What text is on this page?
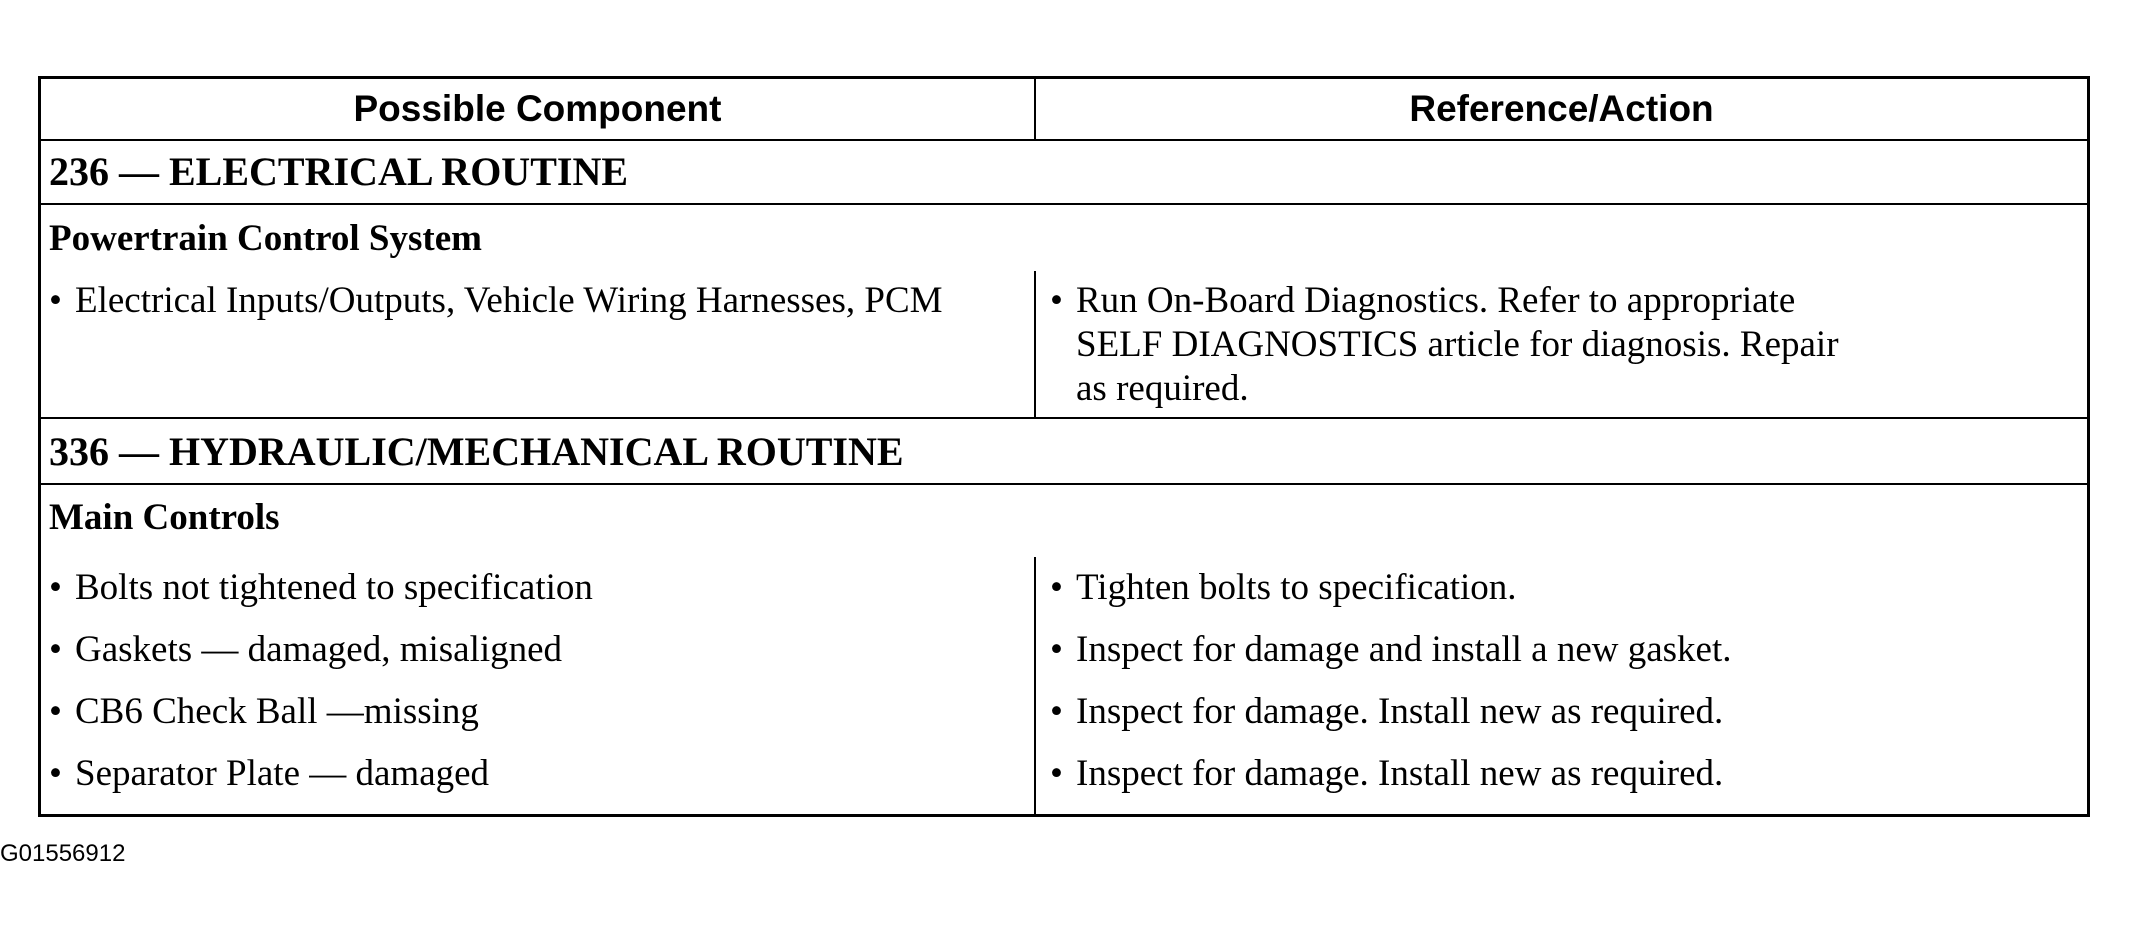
Possible Component	Reference/Action
236 — ELECTRICAL ROUTINE
Powertrain Control System
• Electrical Inputs/Outputs, Vehicle Wiring Harnesses, PCM	• Run On-Board Diagnostics. Refer to appropriate SELF DIAGNOSTICS article for diagnosis. Repair as required.
336 — HYDRAULIC/MECHANICAL ROUTINE
Main Controls
• Bolts not tightened to specification	• Tighten bolts to specification.
• Gaskets — damaged, misaligned	• Inspect for damage and install a new gasket.
• CB6 Check Ball —missing	• Inspect for damage. Install new as required.
• Separator Plate — damaged	• Inspect for damage. Install new as required.
G01556912
